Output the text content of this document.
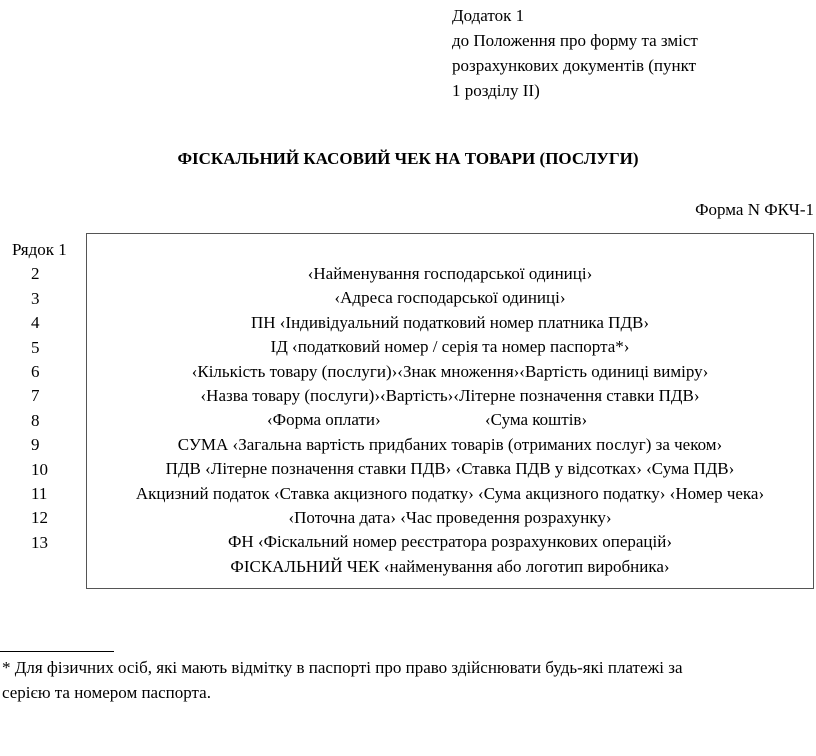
Додаток 1
до Положення про форму та зміст
розрахункових документів (пункт
1 розділу II)
ФІСКАЛЬНИЙ КАСОВИЙ ЧЕК НА ТОВАРИ (ПОСЛУГИ)
Форма N ФКЧ-1
Рядок 1
2
3
4
5
6
7
8
9
10
11
12
13
‹Найменування господарської одиниці›
‹Адреса господарської одиниці›
ПН ‹Індивідуальний податковий номер платника ПДВ›
ІД ‹податковий номер / серія та номер паспорта*›
‹Кількість товару (послуги)›‹Знак множення›‹Вартість одиниці виміру›
‹Назва товару (послуги)›‹Вартість›‹Літерне позначення ставки ПДВ›
‹Форма оплати›	‹Сума коштів›
СУМА ‹Загальна вартість придбаних товарів (отриманих послуг) за чеком›
ПДВ ‹Літерне позначення ставки ПДВ› ‹Ставка ПДВ у відсотках› ‹Сума ПДВ›
Акцизний податок ‹Ставка акцизного податку› ‹Сума акцизного податку› ‹Номер чека›
‹Поточна дата› ‹Час проведення розрахунку›
ФН ‹Фіскальний номер реєстратора розрахункових операцій›
ФІСКАЛЬНИЙ ЧЕК ‹найменування або логотип виробника›
* Для фізичних осіб, які мають відмітку в паспорті про право здійснювати будь-які платежі за
серією та номером паспорта.
